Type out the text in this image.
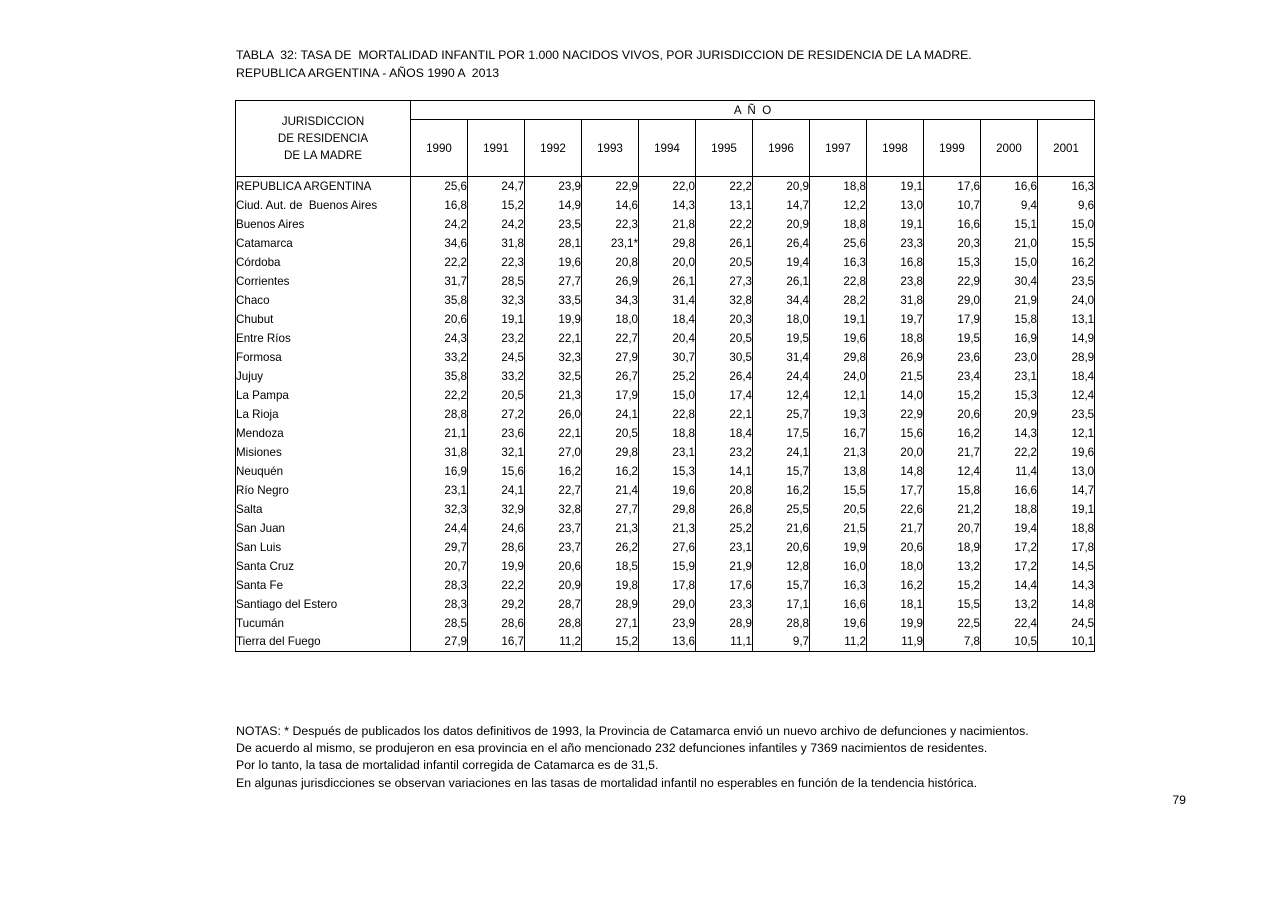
TABLA  32: TASA DE  MORTALIDAD INFANTIL POR 1.000 NACIDOS VIVOS, POR JURISDICCION DE RESIDENCIA DE LA MADRE.
REPUBLICA ARGENTINA - AÑOS 1990 A  2013
JURISDICCION
DE RESIDENCIA
DE LA MADRE	A  Ñ  O											
	1990	1991	1992	1993	1994	1995	1996	1997	1998	1999	2000	2001
REPUBLICA ARGENTINA	25,6	24,7	23,9	22,9	22,0	22,2	20,9	18,8	19,1	17,6	16,6	16,3
Ciud. Aut. de  Buenos Aires	16,8	15,2	14,9	14,6	14,3	13,1	14,7	12,2	13,0	10,7	9,4	9,6
Buenos Aires	24,2	24,2	23,5	22,3	21,8	22,2	20,9	18,8	19,1	16,6	15,1	15,0
Catamarca	34,6	31,8	28,1	23,1*	29,8	26,1	26,4	25,6	23,3	20,3	21,0	15,5
Córdoba	22,2	22,3	19,6	20,8	20,0	20,5	19,4	16,3	16,8	15,3	15,0	16,2
Corrientes	31,7	28,5	27,7	26,9	26,1	27,3	26,1	22,8	23,8	22,9	30,4	23,5
Chaco	35,8	32,3	33,5	34,3	31,4	32,8	34,4	28,2	31,8	29,0	21,9	24,0
Chubut	20,6	19,1	19,9	18,0	18,4	20,3	18,0	19,1	19,7	17,9	15,8	13,1
Entre Ríos	24,3	23,2	22,1	22,7	20,4	20,5	19,5	19,6	18,8	19,5	16,9	14,9
Formosa	33,2	24,5	32,3	27,9	30,7	30,5	31,4	29,8	26,9	23,6	23,0	28,9
Jujuy	35,8	33,2	32,5	26,7	25,2	26,4	24,4	24,0	21,5	23,4	23,1	18,4
La Pampa	22,2	20,5	21,3	17,9	15,0	17,4	12,4	12,1	14,0	15,2	15,3	12,4
La Rioja	28,8	27,2	26,0	24,1	22,8	22,1	25,7	19,3	22,9	20,6	20,9	23,5
Mendoza	21,1	23,6	22,1	20,5	18,8	18,4	17,5	16,7	15,6	16,2	14,3	12,1
Misiones	31,8	32,1	27,0	29,8	23,1	23,2	24,1	21,3	20,0	21,7	22,2	19,6
Neuquén	16,9	15,6	16,2	16,2	15,3	14,1	15,7	13,8	14,8	12,4	11,4	13,0
Río Negro	23,1	24,1	22,7	21,4	19,6	20,8	16,2	15,5	17,7	15,8	16,6	14,7
Salta	32,3	32,9	32,8	27,7	29,8	26,8	25,5	20,5	22,6	21,2	18,8	19,1
San Juan	24,4	24,6	23,7	21,3	21,3	25,2	21,6	21,5	21,7	20,7	19,4	18,8
San Luis	29,7	28,6	23,7	26,2	27,6	23,1	20,6	19,9	20,6	18,9	17,2	17,8
Santa Cruz	20,7	19,9	20,6	18,5	15,9	21,9	12,8	16,0	18,0	13,2	17,2	14,5
Santa Fe	28,3	22,2	20,9	19,8	17,8	17,6	15,7	16,3	16,2	15,2	14,4	14,3
Santiago del Estero	28,3	29,2	28,7	28,9	29,0	23,3	17,1	16,6	18,1	15,5	13,2	14,8
Tucumán	28,5	28,6	28,8	27,1	23,9	28,9	28,8	19,6	19,9	22,5	22,4	24,5
Tierra del Fuego	27,9	16,7	11,2	15,2	13,6	11,1	9,7	11,2	11,9	7,8	10,5	10,1
NOTAS: * Después de publicados los datos definitivos de 1993, la Provincia de Catamarca envió un nuevo archivo de defunciones y nacimientos.
De acuerdo al mismo, se produjeron en esa provincia en el año mencionado 232 defunciones infantiles y 7369 nacimientos de residentes.
Por lo tanto, la tasa de mortalidad infantil corregida de Catamarca es de 31,5.
En algunas jurisdicciones se observan variaciones en las tasas de mortalidad infantil no esperables en función de la tendencia histórica.
79
